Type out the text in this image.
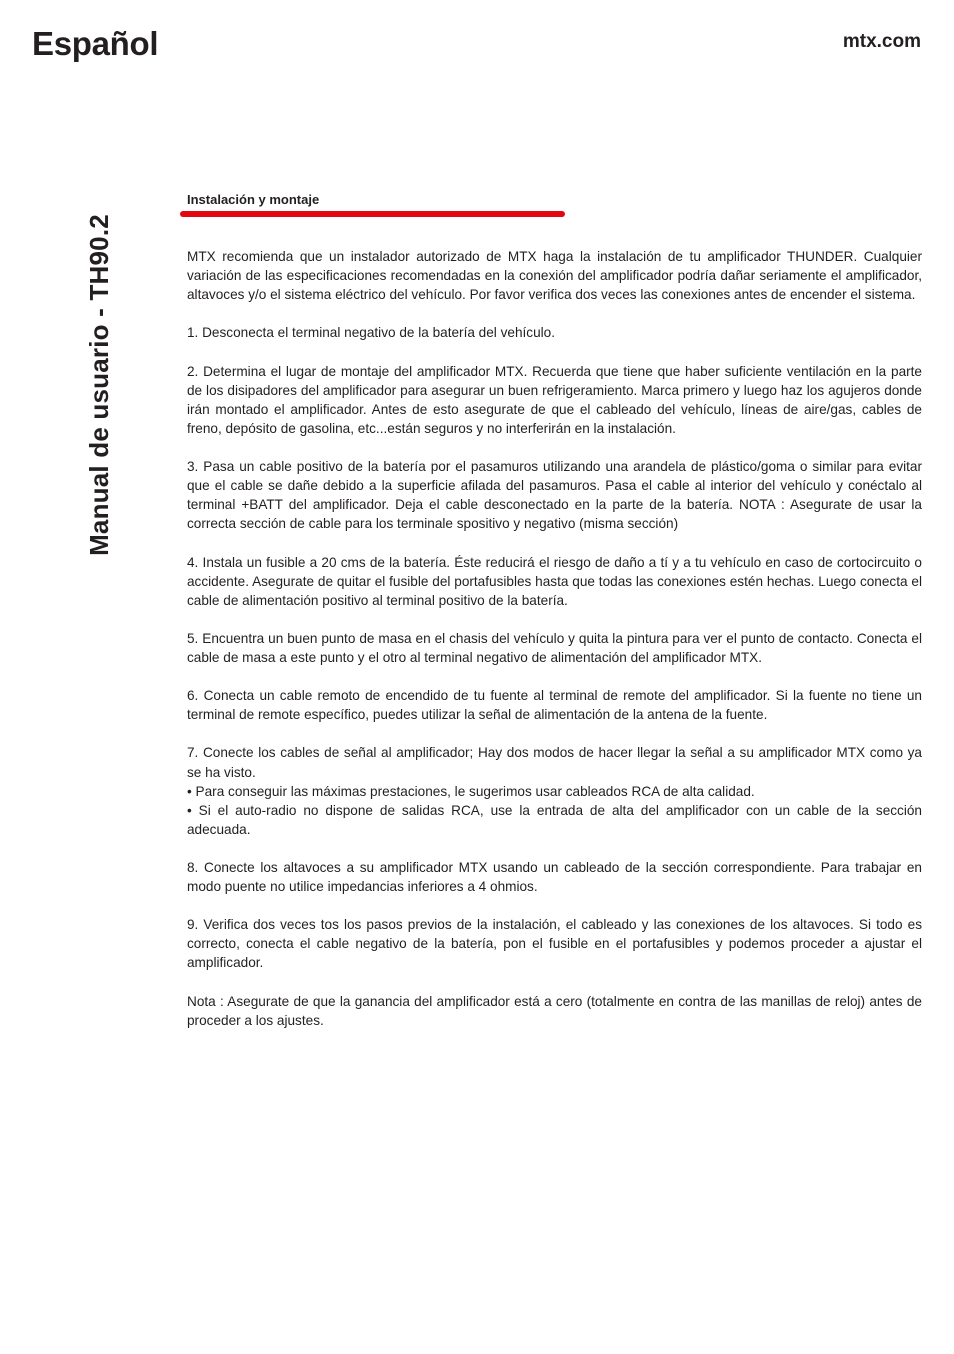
Español	mtx.com
Manual de usuario - TH90.2
Instalación y montaje

MTX recomienda que un instalador autorizado de MTX haga la instalación de tu amplificador THUNDER. Cualquier variación de las especificaciones recomendadas en la conexión del amplificador podría dañar seriamente el amplificador, altavoces y/o el sistema eléctrico del vehículo. Por favor verifica dos veces las conexiones antes de encender el sistema.

1. Desconecta el terminal negativo de la batería del vehículo.

2. Determina el lugar de montaje del amplificador MTX. Recuerda que tiene que haber suficiente ventilación en la parte de los disipadores del amplificador para asegurar un buen refrigeramiento. Marca primero y luego haz los agujeros donde irán montado el amplificador. Antes de esto asegurate de que el cableado del vehículo, líneas de aire/gas, cables de freno, depósito de gasolina, etc...están seguros y no interferirán en la instalación.

3. Pasa un cable positivo de la batería por el pasamuros utilizando una arandela de plástico/goma o similar para evitar que el cable se dañe debido a la superficie afilada del pasamuros. Pasa el cable al interior del vehículo y conéctalo al terminal +BATT del amplificador. Deja el cable desconectado en la parte de la batería. NOTA : Asegurate de usar la correcta sección de cable para los terminale spositivo y negativo (misma sección)

4. Instala un fusible a 20 cms de la batería. Éste reducirá el riesgo de daño a tí y a tu vehículo en caso de cortocircuito o accidente. Asegurate de quitar el fusible del portafusibles hasta que todas las conexiones estén hechas. Luego conecta el cable de alimentación positivo al terminal positivo de la batería.

5. Encuentra un buen punto de masa en el chasis del vehículo y quita la pintura para ver el punto de contacto. Conecta el cable de masa a este punto y el otro al terminal negativo de alimentación del amplificador MTX.

6. Conecta un cable remoto de encendido de tu fuente al terminal de remote del amplificador. Si la fuente no tiene un terminal de remote específico, puedes utilizar la señal de alimentación de la antena de la fuente.

7. Conecte los cables de señal al amplificador; Hay dos modos de hacer llegar la señal a su amplificador MTX como ya se ha visto.

• Para conseguir las máximas prestaciones, le sugerimos usar cableados RCA de alta calidad.

• Si el auto-radio no dispone de salidas RCA, use la entrada de alta del amplificador con un cable de la sección adecuada.

8. Conecte los altavoces a su amplificador MTX usando un cableado de la sección correspondiente. Para trabajar en modo puente no utilice impedancias inferiores a 4 ohmios.

9. Verifica dos veces tos los pasos previos de la instalación, el cableado y las conexiones de los altavoces. Si todo es correcto, conecta el cable negativo de la batería, pon el fusible en el portafusibles y podemos proceder a ajustar el amplificador.

Nota : Asegurate de que la ganancia del amplificador está a cero (totalmente en contra de las manillas de reloj) antes de proceder a los ajustes.
